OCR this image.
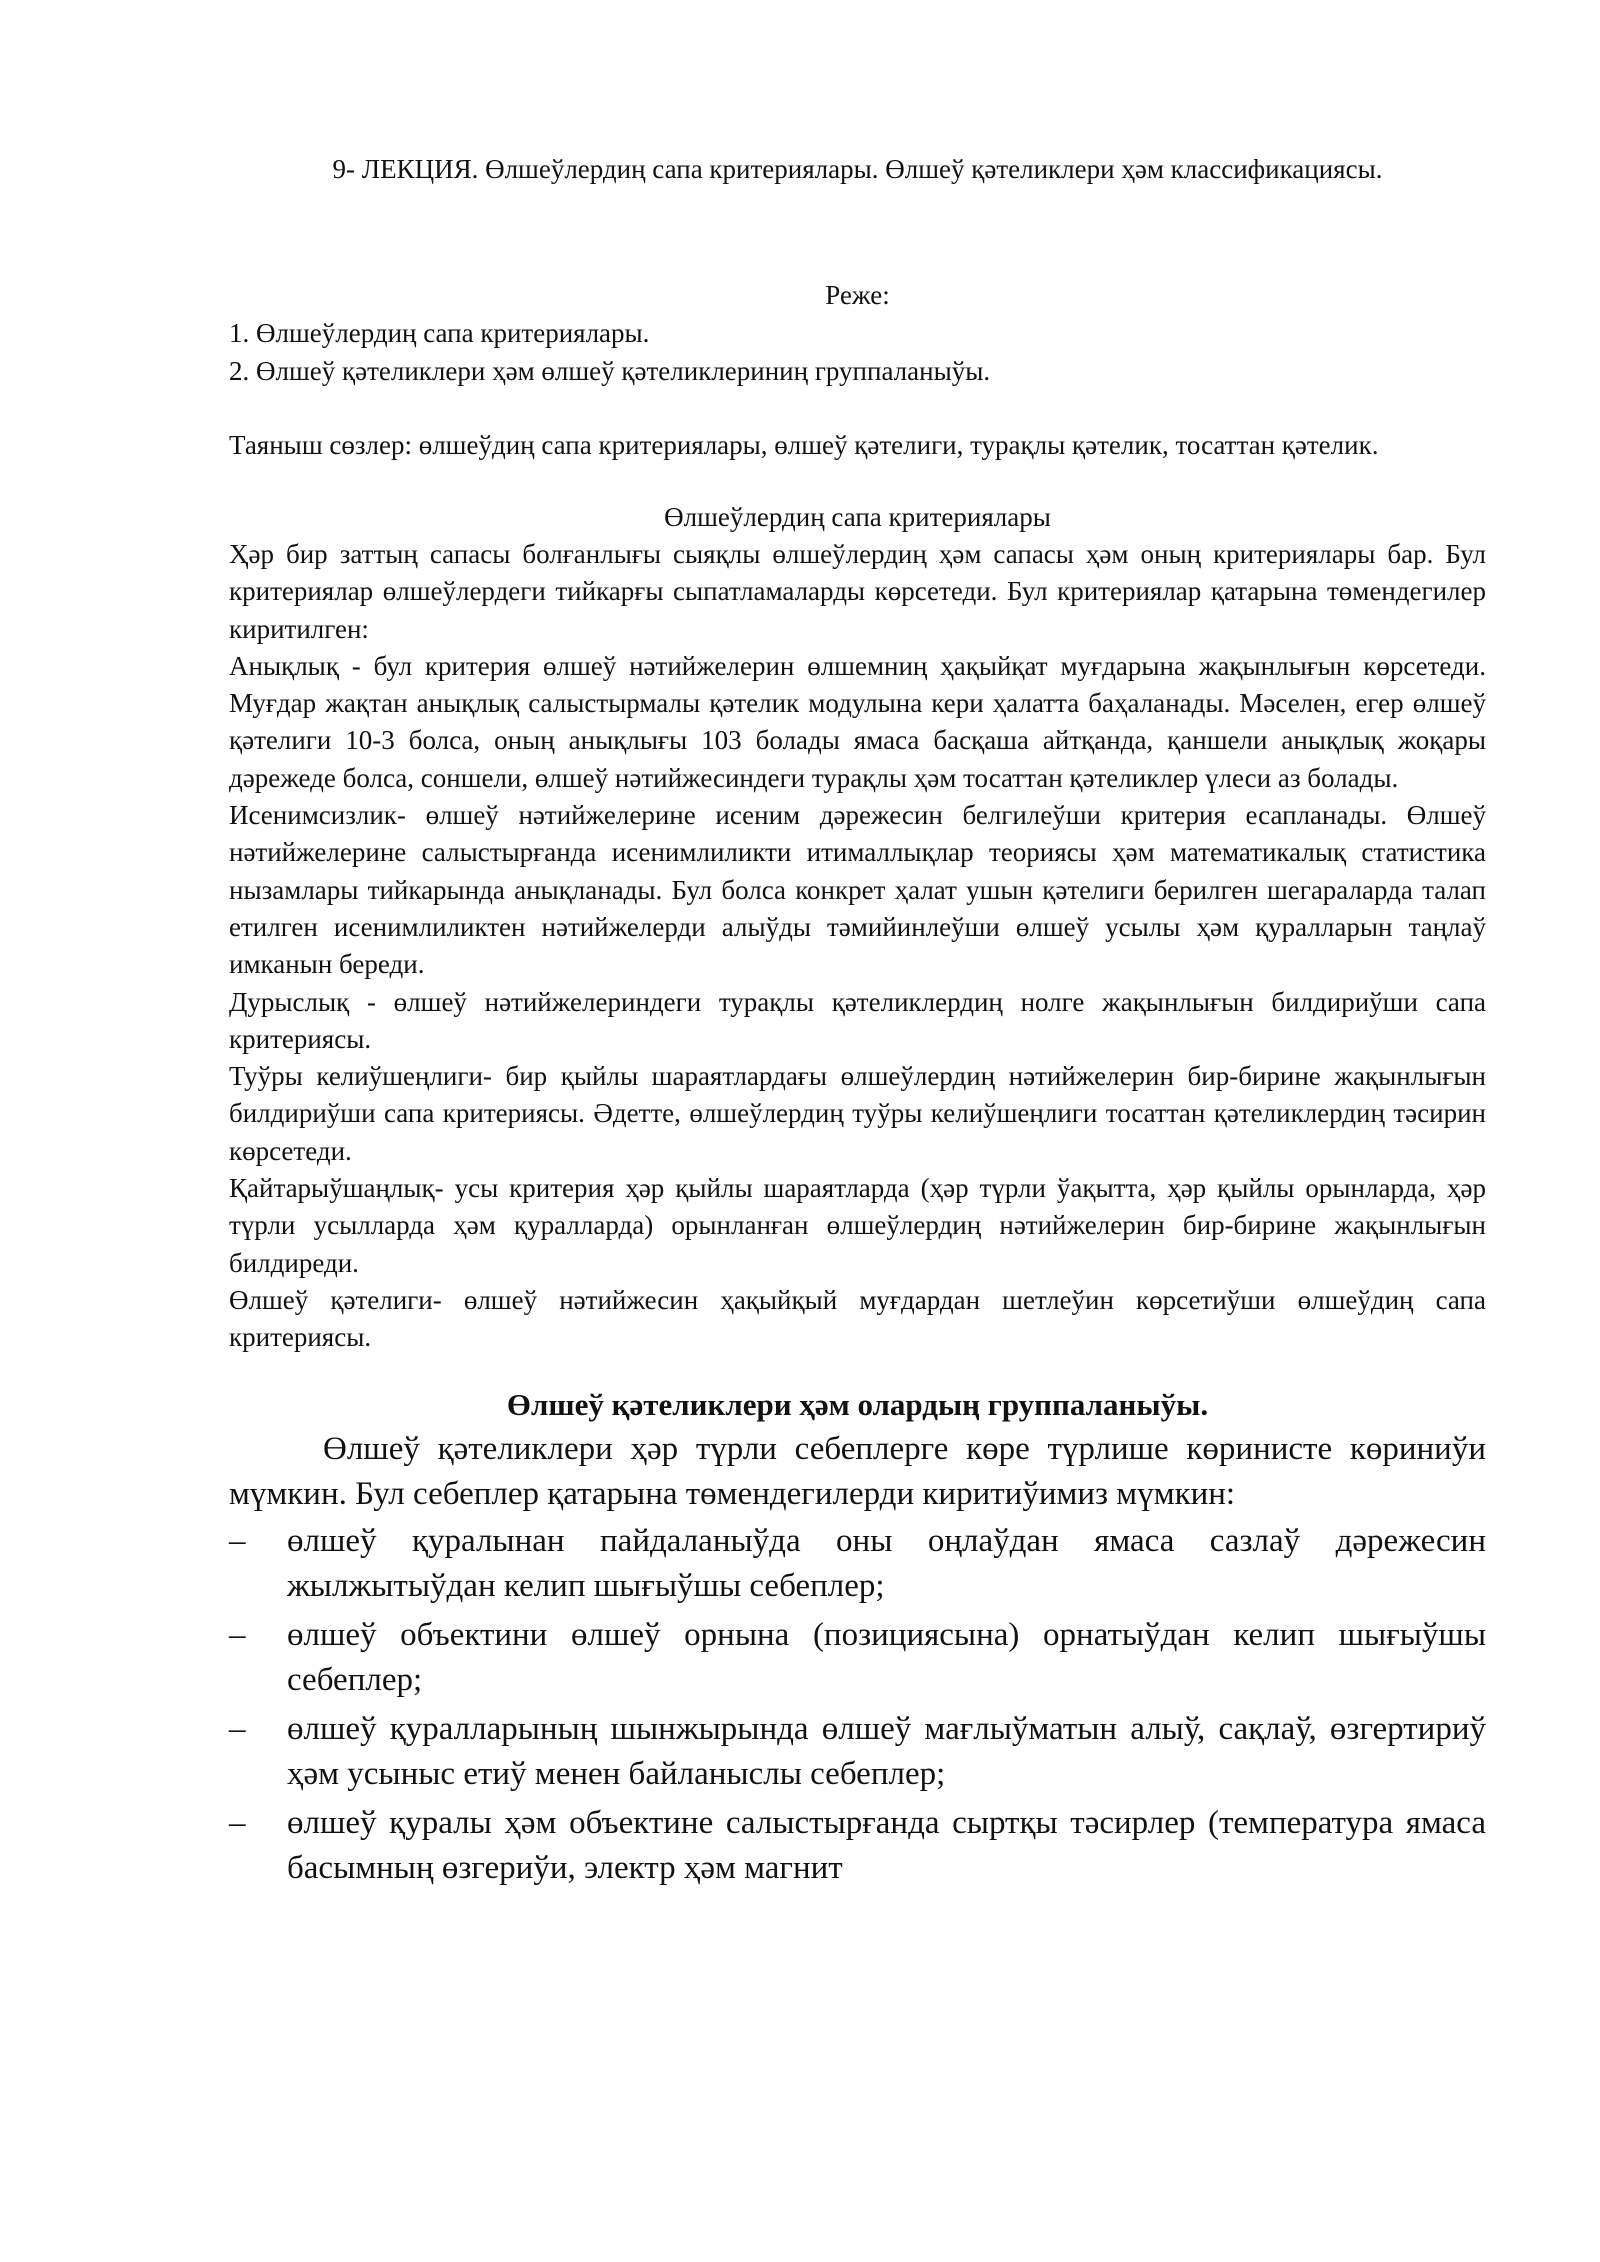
9- ЛЕКЦИЯ. Өлшеўлердиң сапа критериялары. Өлшеў қәтеликлери ҳәм классификациясы.

Реже:

1. Өлшеўлердиң сапа критериялары.
2. Өлшеў қәтеликлери ҳәм өлшеў қәтеликлериниң группаланыўы.

Таяныш сөзлер: өлшеўдиң сапа критериялары, өлшеў қәтелиги, турақлы қәтелик, тосаттан қәтелик.

Өлшеўлердиң сапа критериялары

Ҳәр бир заттың сапасы болғанлығы сыяқлы өлшеўлердиң ҳәм сапасы ҳәм оның критериялары бар. Бул критериялар өлшеўлердеги тийкарғы сыпатламаларды көрсетеди. Бул критериялар қатарына төмендегилер киритилген:

Анықлық - бул критерия өлшеў нәтийжелерин өлшемниң ҳақыйқат муғдарына жақынлығын көрсетеди. Муғдар жақтан анықлық салыстырмалы қәтелик модулына кери ҳалатта баҳаланады. Мәселен, егер өлшеў қәтелиги 10-3 болса, оның анықлығы 103 болады ямаса басқаша айтқанда, қаншели анықлық жоқары дәрежеде болса, соншели, өлшеў нәтийжесиндеги турақлы ҳәм тосаттан қәтеликлер үлеси аз болады.

Исенимсизлик- өлшеў нәтийжелерине исеним дәрежесин белгилеўши критерия есапланады. Өлшеў нәтийжелерине салыстырғанда исенимлиликти итималлықлар теориясы ҳәм математикалық статистика нызамлары тийкарында анықланады. Бул болса конкрет ҳалат ушын қәтелиги берилген шегараларда талап етилген исенимлиликтен нәтийжелерди алыўды тәмийинлеўши өлшеў усылы ҳәм қуралларын таңлаў имканын береди.

Дурыслық - өлшеў нәтийжелериндеги турақлы қәтеликлердиң нолге жақынлығын билдириўши сапа критериясы.

Туўры келиўшеңлиги- бир қыйлы шараятлардағы өлшеўлердиң нәтийжелерин бир-бирине жақынлығын билдириўши сапа критериясы. Әдетте, өлшеўлердиң туўры келиўшеңлиги тосаттан қәтеликлердиң тәсирин көрсетеди.

Қайтарыўшаңлық- усы критерия ҳәр қыйлы шараятларда (ҳәр түрли ўақытта, ҳәр қыйлы орынларда, ҳәр түрли усылларда ҳәм қуралларда) орынланған өлшеўлердиң нәтийжелерин бир-бирине жақынлығын билдиреди.

Өлшеў қәтелиги- өлшеў нәтийжесин ҳақыйқый муғдардан шетлеўин көрсетиўши өлшеўдиң сапа критериясы.

Өлшеў қәтеликлери ҳәм олардың группаланыўы.

Өлшеў қәтеликлери ҳәр түрли себеплерге көре түрлише көринисте көриниўи мүмкин. Бул себеплер қатарына төмендегилерди киритиўимиз мүмкин:

– өлшеў қуралынан пайдаланыўда оны оңлаўдан ямаса сазлаў дәрежесин жылжытыўдан келип шығыўшы себеплер;
– өлшеў объектини өлшеў орнына (позициясына) орнатыўдан келип шығыўшы себеплер;
– өлшеў қуралларының шынжырында өлшеў мағлыўматын алыў, сақлаў, өзгертириў ҳәм усыныс етиў менен байланыслы себеплер;
– өлшеў қуралы ҳәм объектине салыстырғанда сыртқы тәсирлер (температура ямаса басымның өзгериўи, электр ҳәм магнит
